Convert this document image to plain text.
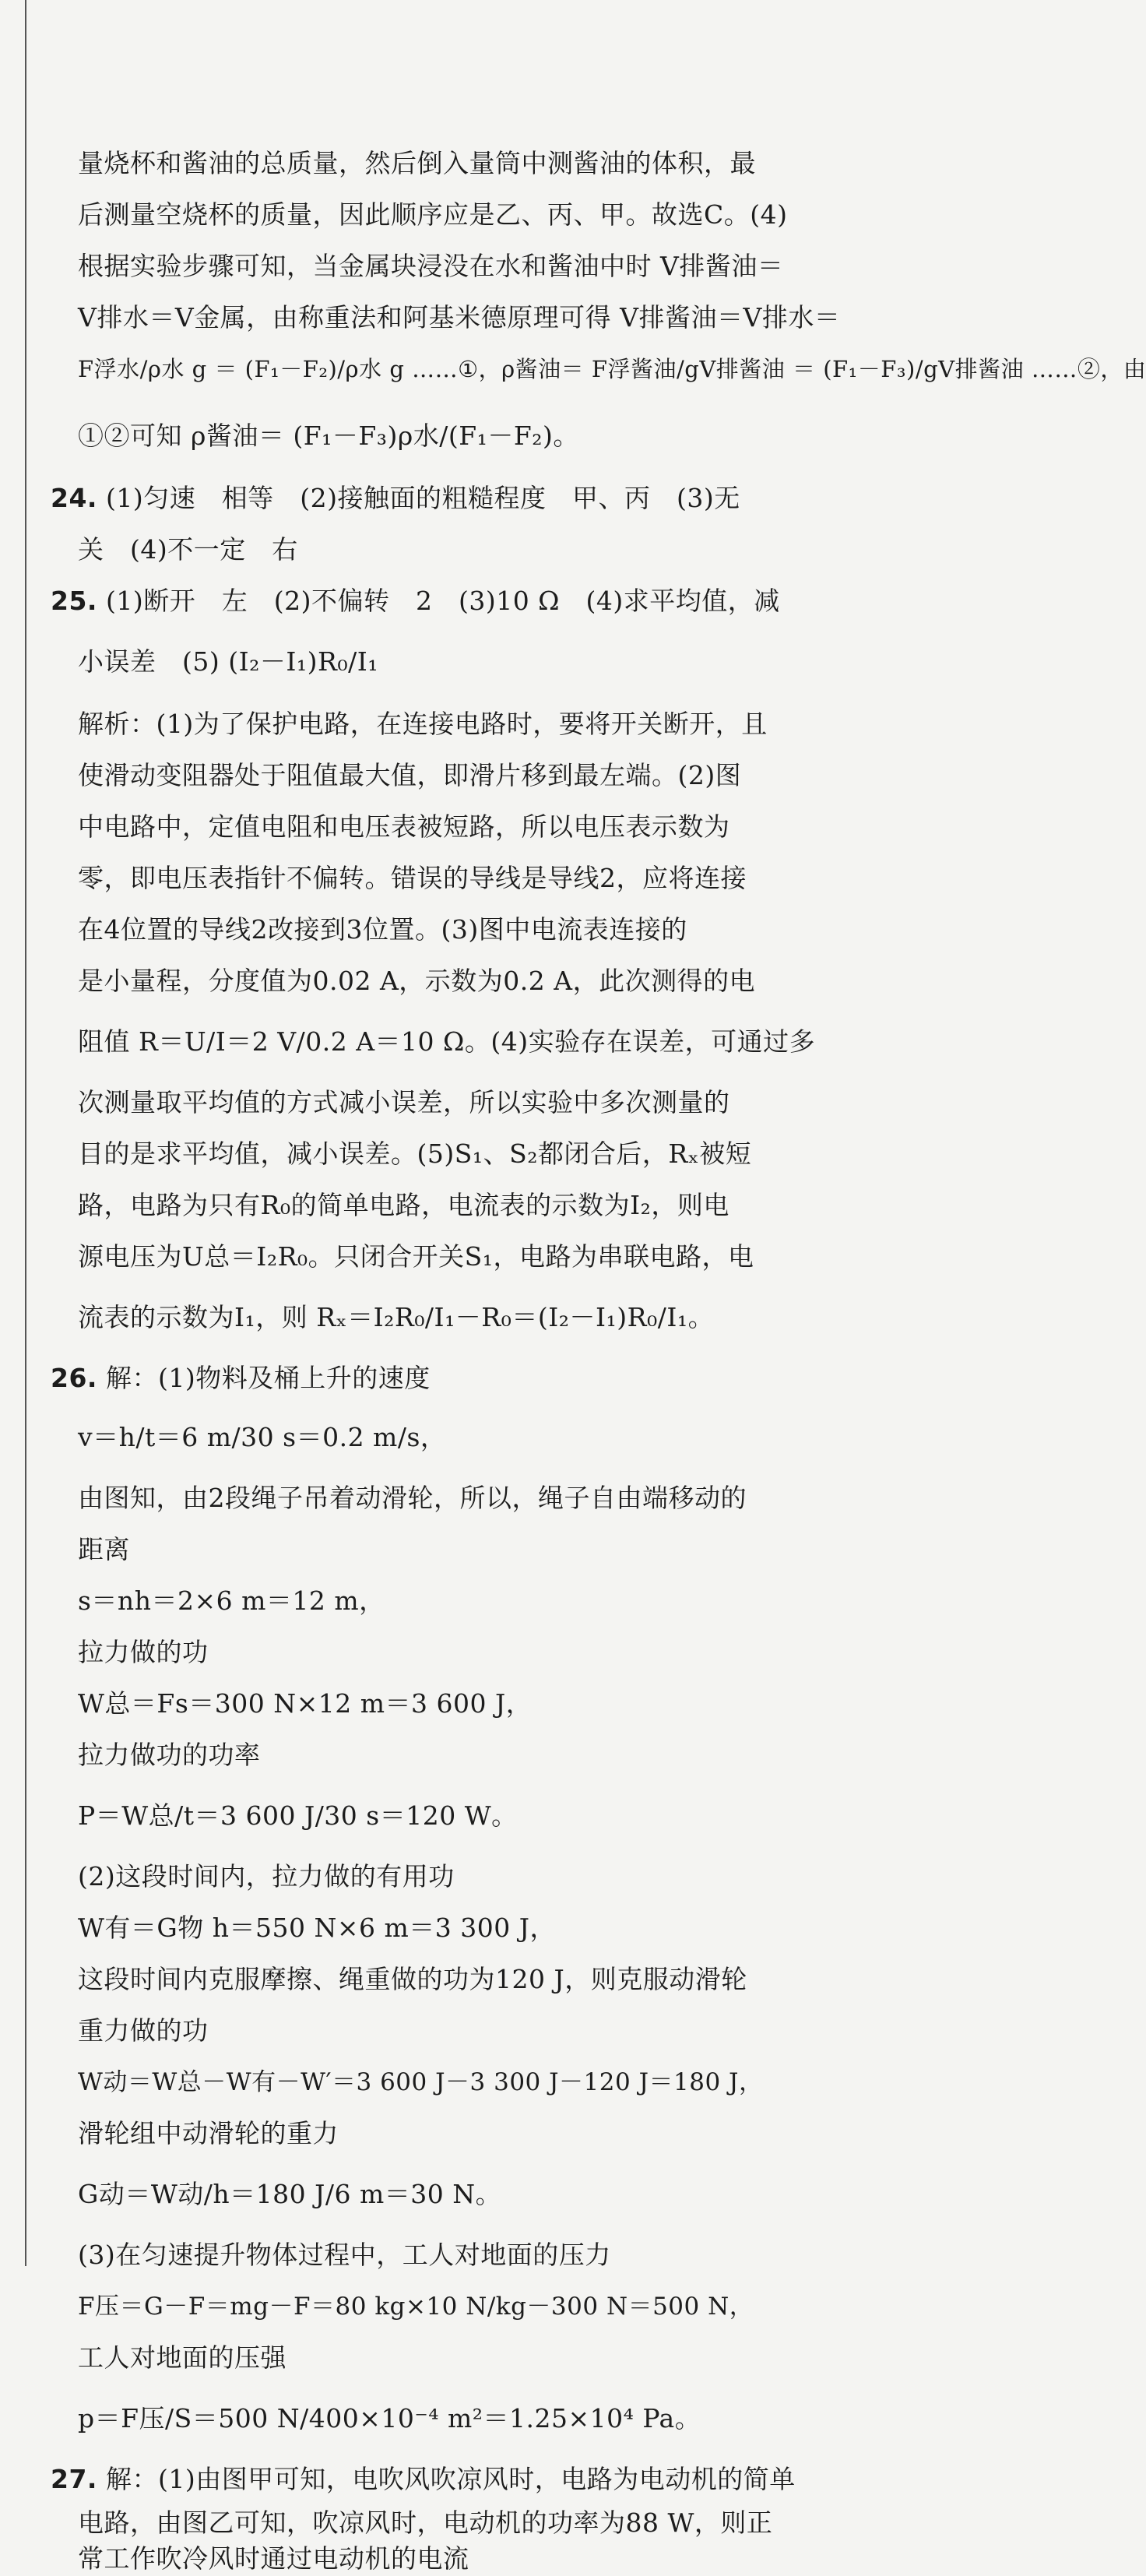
量烧杯和酱油的总质量，然后倒入量筒中测酱油的体积，最
后测量空烧杯的质量，因此顺序应是乙、丙、甲。故选C。(4)
根据实验步骤可知，当金属块浸没在水和酱油中时 V排酱油＝
V排水＝V金属，由称重法和阿基米德原理可得 V排酱油＝V排水＝
F浮水/ρ水 g ＝ (F₁－F₂)/ρ水 g ……①，ρ酱油＝ F浮酱油/gV排酱油 ＝ (F₁－F₃)/gV排酱油 ……②，由
①②可知 ρ酱油＝ (F₁－F₃)ρ水/(F₁－F₂)。
24. (1)匀速　相等　(2)接触面的粗糙程度　甲、丙　(3)无
关　(4)不一定　右
25. (1)断开　左　(2)不偏转　2　(3)10 Ω　(4)求平均值，减
小误差　(5) (I₂－I₁)R₀/I₁
解析：(1)为了保护电路，在连接电路时，要将开关断开，且
使滑动变阻器处于阻值最大值，即滑片移到最左端。(2)图
中电路中，定值电阻和电压表被短路，所以电压表示数为
零，即电压表指针不偏转。错误的导线是导线2，应将连接
在4位置的导线2改接到3位置。(3)图中电流表连接的
是小量程，分度值为0.02 A，示数为0.2 A，此次测得的电
阻值 R＝U/I＝2 V/0.2 A＝10 Ω。(4)实验存在误差，可通过多
次测量取平均值的方式减小误差，所以实验中多次测量的
目的是求平均值，减小误差。(5)S₁、S₂都闭合后，Rₓ被短
路，电路为只有R₀的简单电路，电流表的示数为I₂，则电
源电压为U总＝I₂R₀。只闭合开关S₁，电路为串联电路，电
流表的示数为I₁，则 Rₓ＝I₂R₀/I₁－R₀＝(I₂－I₁)R₀/I₁。
26. 解：(1)物料及桶上升的速度
v＝h/t＝6 m/30 s＝0.2 m/s，
由图知，由2段绳子吊着动滑轮，所以，绳子自由端移动的
距离
s＝nh＝2×6 m＝12 m，
拉力做的功
W总＝Fs＝300 N×12 m＝3 600 J，
拉力做功的功率
P＝W总/t＝3 600 J/30 s＝120 W。
(2)这段时间内，拉力做的有用功
W有＝G物 h＝550 N×6 m＝3 300 J，
这段时间内克服摩擦、绳重做的功为120 J，则克服动滑轮
重力做的功
W动＝W总－W有－W′＝3 600 J－3 300 J－120 J＝180 J，
滑轮组中动滑轮的重力
G动＝W动/h＝180 J/6 m＝30 N。
(3)在匀速提升物体过程中，工人对地面的压力
F压＝G－F＝mg－F＝80 kg×10 N/kg－300 N＝500 N，
工人对地面的压强
p＝F压/S＝500 N/400×10⁻⁴ m²＝1.25×10⁴ Pa。
27. 解：(1)由图甲可知，电吹风吹凉风时，电路为电动机的简单
电路，由图乙可知，吹凉风时，电动机的功率为88 W，则正
常工作吹冷风时通过电动机的电流
